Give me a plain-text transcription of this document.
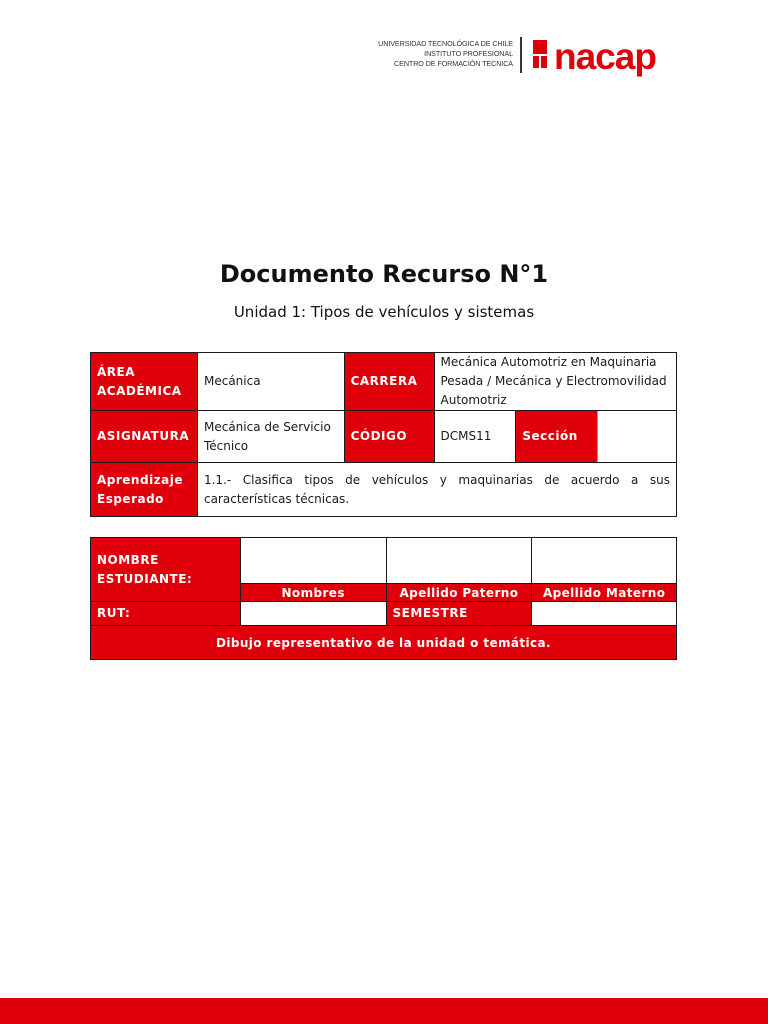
UNIVERSIDAD TECNOLÓGICA DE CHILE
INSTITUTO PROFESIONAL
CENTRO DE FORMACIÓN TECNICA nacap
Documento Recurso N°1
Unidad 1: Tipos de vehículos y sistemas
ÁREA ACADÉMICA	Mecánica	CARRERA	Mecánica Automotriz en Maquinaria Pesada / Mecánica y Electromovilidad Automotriz		
ASIGNATURA	Mecánica de Servicio Técnico	CÓDIGO	DCMS11	Sección	
Aprendizaje Esperado	1.1.- Clasifica tipos de vehículos y maquinarias de acuerdo a sus características técnicas.				
NOMBRE ESTUDIANTE:			
	Nombres	Apellido Paterno	Apellido Materno
RUT:		SEMESTRE	
Dibujo representativo de la unidad o temática.			
